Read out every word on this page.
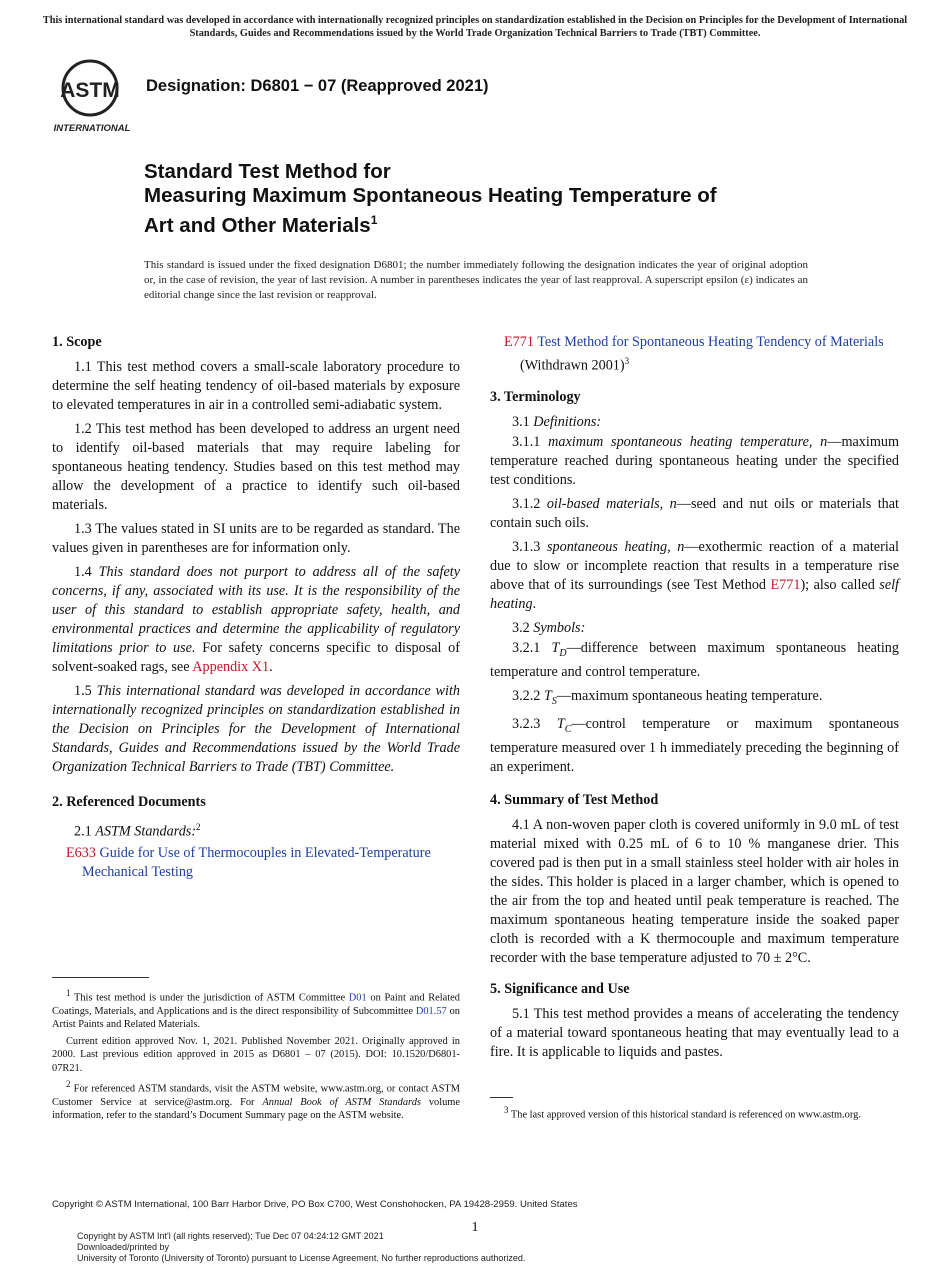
This international standard was developed in accordance with internationally recognized principles on standardization established in the Decision on Principles for the Development of International Standards, Guides and Recommendations issued by the World Trade Organization Technical Barriers to Trade (TBT) Committee.
ASTM
INTERNATIONAL
Designation: D6801 − 07 (Reapproved 2021)
Standard Test Method for
Measuring Maximum Spontaneous Heating Temperature of
Art and Other Materials$^1$
This standard is issued under the fixed designation D6801; the number immediately following the designation indicates the year of original adoption or, in the case of revision, the year of last revision. A number in parentheses indicates the year of last reapproval. A superscript epsilon (ε) indicates an editorial change since the last revision or reapproval.
1. Scope

1.1 This test method covers a small-scale laboratory procedure to determine the self heating tendency of oil-based materials by exposure to elevated temperatures in air in a controlled semi-adiabatic system.

1.2 This test method has been developed to address an urgent need to identify oil-based materials that may require labeling for spontaneous heating tendency. Studies based on this test method may allow the development of a practice to identify such oil-based materials.

1.3 The values stated in SI units are to be regarded as standard. The values given in parentheses are for information only.

1.4 This standard does not purport to address all of the safety concerns, if any, associated with its use. It is the responsibility of the user of this standard to establish appropriate safety, health, and environmental practices and determine the applicability of regulatory limitations prior to use. For safety concerns specific to disposal of solvent-soaked rags, see Appendix X1.

1.5 This international standard was developed in accordance with internationally recognized principles on standardization established in the Decision on Principles for the Development of International Standards, Guides and Recommendations issued by the World Trade Organization Technical Barriers to Trade (TBT) Committee.

2. Referenced Documents

2.1 ASTM Standards:$^2$

E633 Guide for Use of Thermocouples in Elevated-Temperature Mechanical Testing

$^1$ This test method is under the jurisdiction of ASTM Committee D01 on Paint and Related Coatings, Materials, and Applications and is the direct responsibility of Subcommittee D01.57 on Artist Paints and Related Materials.

Current edition approved Nov. 1, 2021. Published November 2021. Originally approved in 2000. Last previous edition approved in 2015 as D6801 – 07 (2015). DOI: 10.1520/D6801-07R21.

$^2$ For referenced ASTM standards, visit the ASTM website, www.astm.org, or contact ASTM Customer Service at service@astm.org. For Annual Book of ASTM Standards volume information, refer to the standard’s Document Summary page on the ASTM website.

E771 Test Method for Spontaneous Heating Tendency of Materials (Withdrawn 2001)$^3$
3. Terminology

3.1 Definitions:

3.1.1 maximum spontaneous heating temperature, n—maximum temperature reached during spontaneous heating under the specified test conditions.

3.1.2 oil-based materials, n—seed and nut oils or materials that contain such oils.

3.1.3 spontaneous heating, n—exothermic reaction of a material due to slow or incomplete reaction that results in a temperature rise above that of its surroundings (see Test Method E771); also called self heating.

3.2 Symbols:

3.2.1 $T_D—difference$ between maximum spontaneous heating temperature and control temperature.

3.2.2 $T_S—maximum$ spontaneous heating temperature.

3.2.3 $T_C—control$ temperature or maximum spontaneous temperature measured over 1 h immediately preceding the beginning of an experiment.

4. Summary of Test Method

4.1 A non-woven paper cloth is covered uniformly in 9.0 mL of test material mixed with 0.25 mL of 6 to 10 % manganese drier. This covered pad is then put in a small stainless steel holder with air holes in the sides. This holder is placed in a larger chamber, which is opened to the air from the top and heated until peak temperature is reached. The maximum spontaneous heating temperature inside the soaked paper cloth is recorded with a K thermocouple and maximum temperature recorder with the base temperature adjusted to 70 ± 2°C.

5. Significance and Use

5.1 This test method provides a means of accelerating the tendency of a material toward spontaneous heating that may eventually lead to a fire. It is applicable to liquids and pastes.

$^3$ The last approved version of this historical standard is referenced on www.astm.org.

Copyright © ASTM International, 100 Barr Harbor Drive, PO Box C700, West Conshohocken, PA 19428-2959. United States
1
Copyright by ASTM Int'l (all rights reserved); Tue Dec 07 04:24:12 GMT 2021
Downloaded/printed by
University of Toronto (University of Toronto) pursuant to License Agreement. No further reproductions authorized.
